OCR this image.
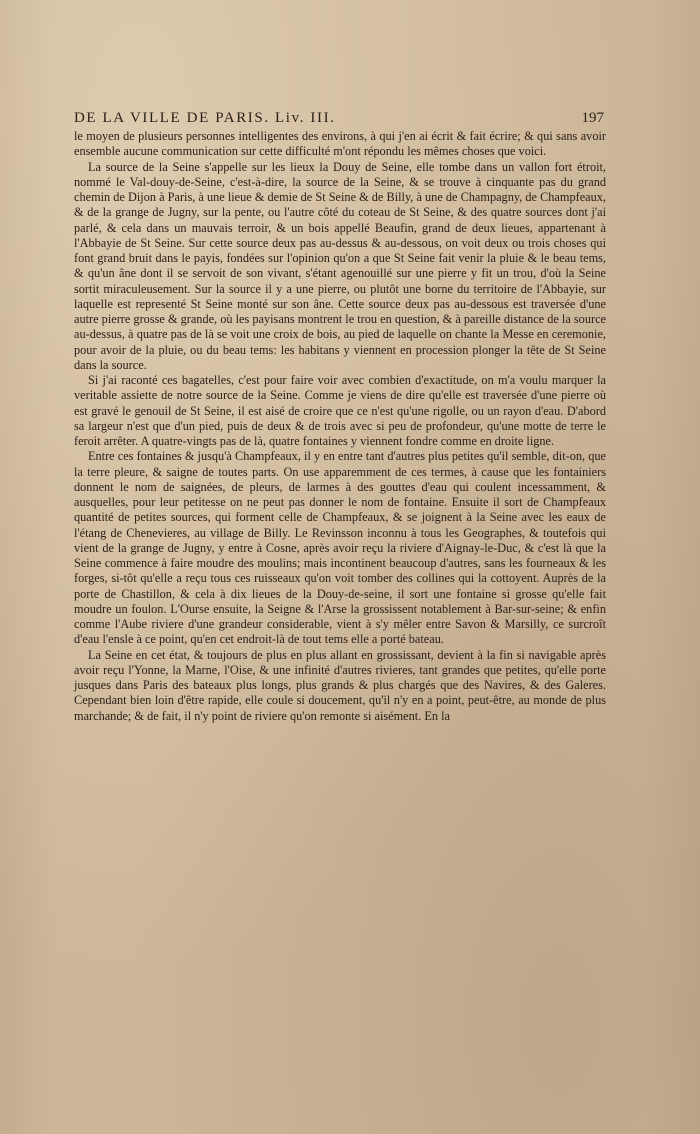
DE LA VILLE DE PARIS. Liv. III.	197

le moyen de plusieurs personnes intelligentes des environs, à qui j'en ai écrit & fait écrire; & qui sans avoir ensemble aucune communication sur cette difficulté m'ont répondu les mêmes choses que voici.

La source de la Seine s'appelle sur les lieux la Douy de Seine, elle tombe dans un vallon fort étroit, nommé le Val-douy-de-Seine, c'est-à-dire, la source de la Seine, & se trouve à cinquante pas du grand chemin de Dijon à Paris, à une lieue & demie de St Seine & de Billy, à une de Champagny, de Champfeaux, & de la grange de Jugny, sur la pente, ou l'autre côté du coteau de St Seine, & des quatre sources dont j'ai parlé, & cela dans un mauvais terroir, & un bois appellé Beaufin, grand de deux lieues, appartenant à l'Abbayie de St Seine. Sur cette source deux pas au-dessus & au-dessous, on voit deux ou trois choses qui font grand bruit dans le payis, fondées sur l'opinion qu'on a que St Seine fait venir la pluie & le beau tems, & qu'un âne dont il se servoit de son vivant, s'étant agenouillé sur une pierre y fit un trou, d'où la Seine sortit miraculeusement. Sur la source il y a une pierre, ou plutôt une borne du territoire de l'Abbayie, sur laquelle est representé St Seine monté sur son âne. Cette source deux pas au-dessous est traversée d'une autre pierre grosse & grande, où les payisans montrent le trou en question, & à pareille distance de la source au-dessus, à quatre pas de là se voit une croix de bois, au pied de laquelle on chante la Messe en ceremonie, pour avoir de la pluie, ou du beau tems: les habitans y viennent en procession plonger la tête de St Seine dans la source.

Si j'ai raconté ces bagatelles, c'est pour faire voir avec combien d'exactitude, on m'a voulu marquer la veritable assiette de notre source de la Seine. Comme je viens de dire qu'elle est traversée d'une pierre où est gravé le genouil de St Seine, il est aisé de croire que ce n'est qu'une rigolle, ou un rayon d'eau. D'abord sa largeur n'est que d'un pied, puis de deux & de trois avec si peu de profondeur, qu'une motte de terre le feroit arrêter. A quatre-vingts pas de là, quatre fontaines y viennent fondre comme en droite ligne.

Entre ces fontaines & jusqu'à Champfeaux, il y en entre tant d'autres plus petites qu'il semble, dit-on, que la terre pleure, & saigne de toutes parts. On use apparemment de ces termes, à cause que les fontainiers donnent le nom de saignées, de pleurs, de larmes à des gouttes d'eau qui coulent incessamment, & ausquelles, pour leur petitesse on ne peut pas donner le nom de fontaine. Ensuite il sort de Champfeaux quantité de petites sources, qui forment celle de Champfeaux, & se joignent à la Seine avec les eaux de l'étang de Chenevieres, au village de Billy. Le Revinsson inconnu à tous les Geographes, & toutefois qui vient de la grange de Jugny, y entre à Cosne, après avoir reçu la riviere d'Aignay-le-Duc, & c'est là que la Seine commence à faire moudre des moulins; mais incontinent beaucoup d'autres, sans les fourneaux & les forges, si-tôt qu'elle a reçu tous ces ruisseaux qu'on voit tomber des collines qui la cottoyent. Auprès de la porte de Chastillon, & cela à dix lieues de la Douy-de-seine, il sort une fontaine si grosse qu'elle fait moudre un foulon. L'Ourse ensuite, la Seigne & l'Arse la grossissent notablement à Bar-sur-seine; & enfin comme l'Aube riviere d'une grandeur considerable, vient à s'y mêler entre Savon & Marsilly, ce surcroît d'eau l'ensle à ce point, qu'en cet endroit-là de tout tems elle a porté bateau.

La Seine en cet état, & toujours de plus en plus allant en grossissant, devient à la fin si navigable après avoir reçu l'Yonne, la Marne, l'Oise, & une infinité d'autres rivieres, tant grandes que petites, qu'elle porte jusques dans Paris des bateaux plus longs, plus grands & plus chargés que des Navires, & des Galeres. Cependant bien loin d'être rapide, elle coule si doucement, qu'il n'y en a point, peut-être, au monde de plus marchande; & de fait, il n'y point de riviere qu'on remonte si aisément. En la
